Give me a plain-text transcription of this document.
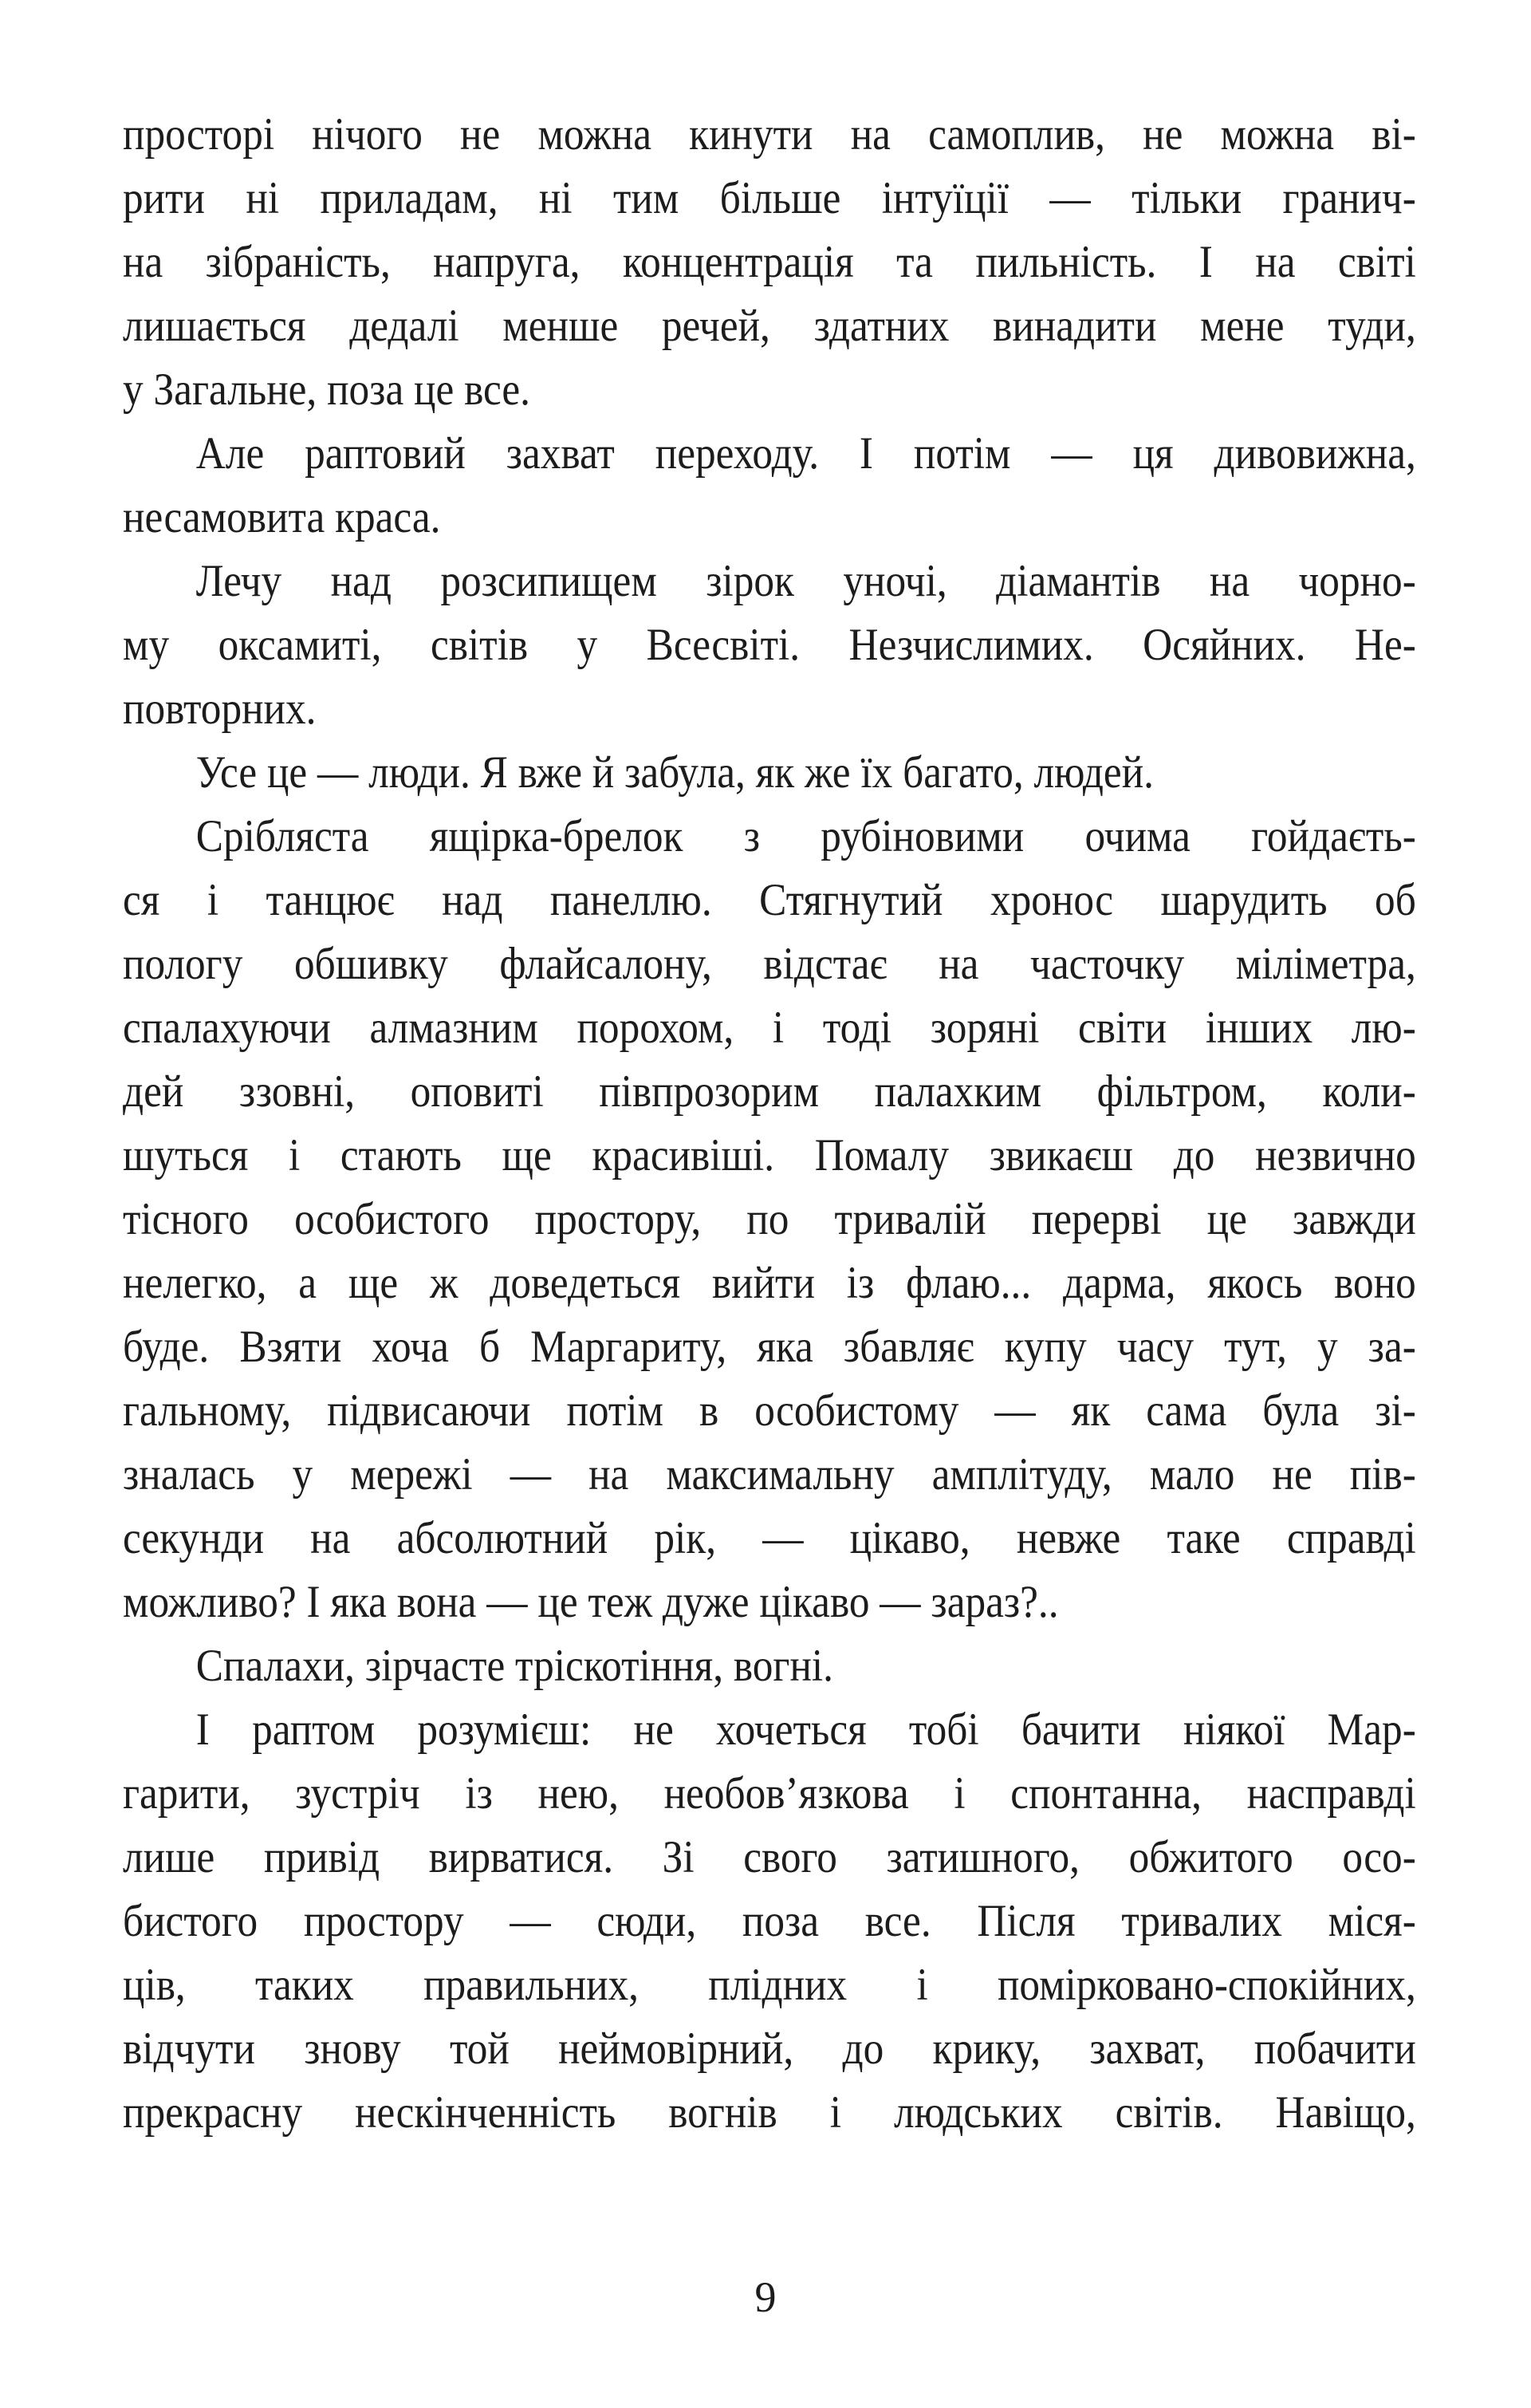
просторі нічого не можна кинути на самоплив, не можна ві-
рити ні приладам, ні тим більше інтуїції — тільки гранич-
на зібраність, напруга, концентрація та пильність. І на світі
лишається дедалі менше речей, здатних винадити мене туди,
у Загальне, поза це все.
Але раптовий захват переходу. І потім — ця дивовижна,
несамовита краса.
Лечу над розсипищем зірок уночі, діамантів на чорно-
му оксамиті, світів у Всесвіті. Незчислимих. Осяйних. Не-
повторних.
Усе це — люди. Я вже й забула, як же їх багато, людей.
Срібляста ящірка-брелок з рубіновими очима гойдаєть-
ся і танцює над панеллю. Стягнутий хронос шарудить об
пологу обшивку флайсалону, відстає на часточку міліметра,
спалахуючи алмазним порохом, і тоді зоряні світи інших лю-
дей ззовні, оповиті півпрозорим палахким фільтром, коли-
шуться і стають ще красивіші. Помалу звикаєш до незвично
тісного особистого простору, по тривалій перерві це завжди
нелегко, а ще ж доведеться вийти із флаю... дарма, якось воно
буде. Взяти хоча б Маргариту, яка збавляє купу часу тут, у за-
гальному, підвисаючи потім в особистому — як сама була зі-
зналась у мережі — на максимальну амплітуду, мало не пів-
секунди на абсолютний рік, — цікаво, невже таке справді
можливо? І яка вона — це теж дуже цікаво — зараз?..
Спалахи, зірчасте тріскотіння, вогні.
І раптом розумієш: не хочеться тобі бачити ніякої Мар-
гарити, зустріч із нею, необов’язкова і спонтанна, насправді
лише привід вирватися. Зі свого затишного, обжитого осо-
бистого простору — сюди, поза все. Після тривалих міся-
ців, таких правильних, плідних і помірковано-спокійних,
відчути знову той неймовірний, до крику, захват, побачити
прекрасну нескінченність вогнів і людських світів. Навіщо,
9
